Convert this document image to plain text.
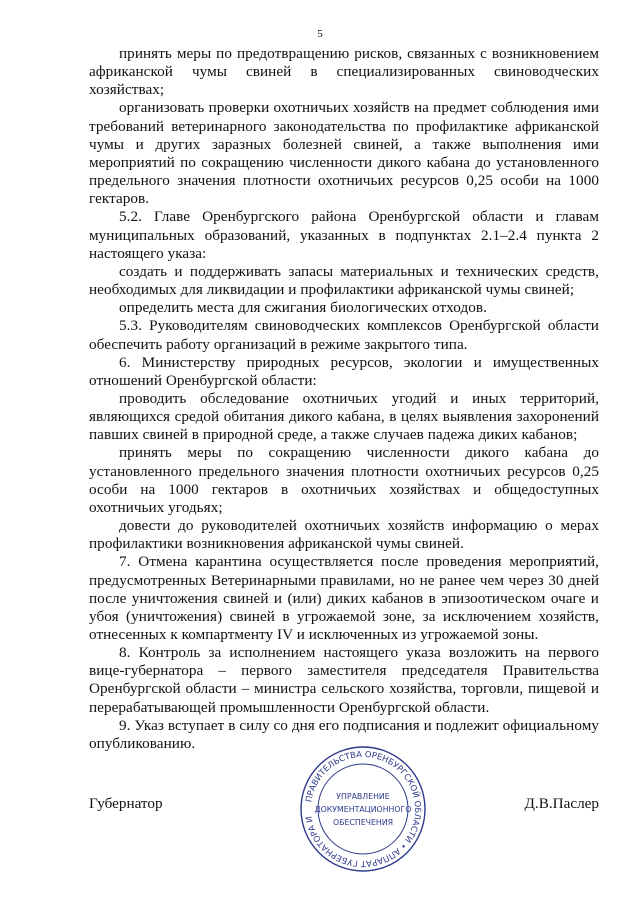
5

принять меры по предотвращению рисков, связанных с возникновением африканской чумы свиней в специализированных свиноводческих хозяйствах;

организовать проверки охотничьих хозяйств на предмет соблюдения ими требований ветеринарного законодательства по профилактике африканской чумы и других заразных болезней свиней, а также выполнения ими мероприятий по сокращению численности дикого кабана до установленного предельного значения плотности охотничьих ресурсов 0,25 особи на 1000 гектаров.

5.2. Главе Оренбургского района Оренбургской области и главам муниципальных образований, указанных в подпунктах 2.1–2.4 пункта 2 настоящего указа:

создать и поддерживать запасы материальных и технических средств, необходимых для ликвидации и профилактики африканской чумы свиней;

определить места для сжигания биологических отходов.

5.3. Руководителям свиноводческих комплексов Оренбургской области обеспечить работу организаций в режиме закрытого типа.

6. Министерству природных ресурсов, экологии и имущественных отношений Оренбургской области:

проводить обследование охотничьих угодий и иных территорий, являющихся средой обитания дикого кабана, в целях выявления захоронений павших свиней в природной среде, а также случаев падежа диких кабанов;

принять меры по сокращению численности дикого кабана до установленного предельного значения плотности охотничьих ресурсов 0,25 особи на 1000 гектаров в охотничьих хозяйствах и общедоступных охотничьих угодьях;

довести до руководителей охотничьих хозяйств информацию о мерах профилактики возникновения африканской чумы свиней.

7. Отмена карантина осуществляется после проведения мероприятий, предусмотренных Ветеринарными правилами, но не ранее чем через 30 дней после уничтожения свиней и (или) диких кабанов в эпизоотическом очаге и убоя (уничтожения) свиней в угрожаемой зоне, за исключением хозяйств, отнесенных к компартменту IV и исключенных из угрожаемой зоны.

8. Контроль за исполнением настоящего указа возложить на первого вице-губернатора – первого заместителя председателя Правительства Оренбургской области – министра сельского хозяйства, торговли, пищевой и перерабатывающей промышленности Оренбургской области.

9. Указ вступает в силу со дня его подписания и подлежит официальному опубликованию.

Губернатор	ПРАВИТЕЛЬСТВА ОРЕНБУРГСКОЙ ОБЛАСТИ • АППАРАТ ГУБЕРНАТОРА И
УПРАВЛЕНИЕ
ДОКУМЕНТАЦИОННОГО
ОБЕСПЕЧЕНИЯ
Д.В.Паслер
